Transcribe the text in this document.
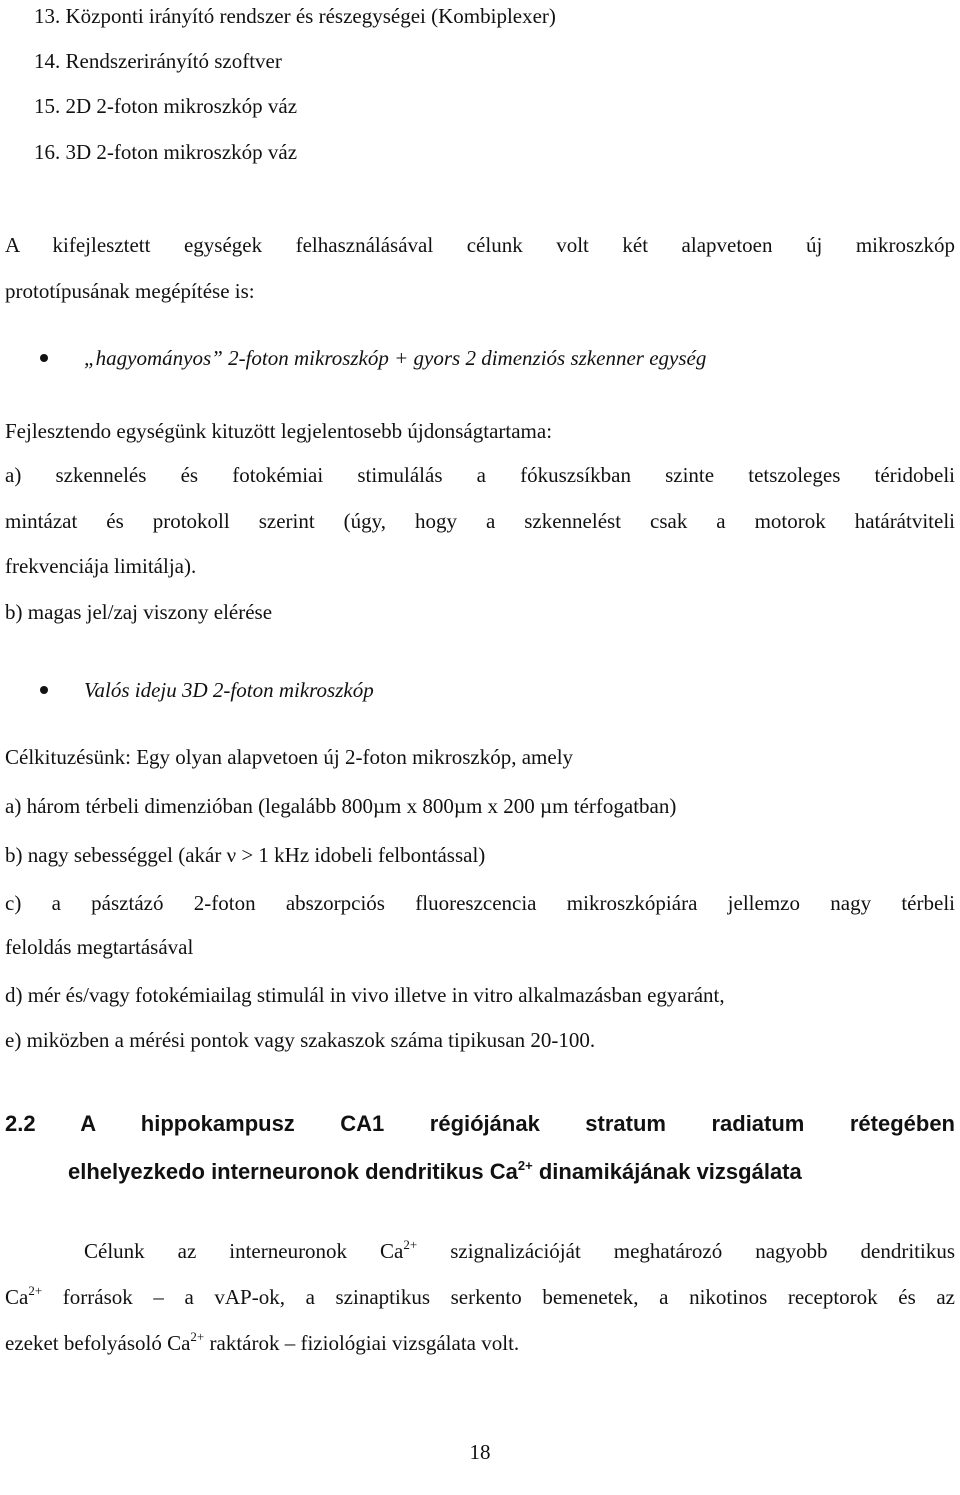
13. Központi irányító rendszer és részegységei (Kombiplexer)
14. Rendszerirányító szoftver
15. 2D 2-foton mikroszkóp váz
16. 3D 2-foton mikroszkóp váz
A kifejlesztett egységek felhasználásával célunk volt két alapvetoen új mikroszkóp
prototípusának megépítése is:
„hagyományos” 2-foton mikroszkóp + gyors 2 dimenziós szkenner egység
Fejlesztendo egységünk kituzött legjelentosebb újdonságtartama:
a) szkennelés és fotokémiai stimulálás a fókuszsíkban szinte tetszoleges téridobeli
mintázat és protokoll szerint (úgy, hogy a szkennelést csak a motorok határátviteli
frekvenciája limitálja).
b) magas jel/zaj viszony elérése
Valós ideju 3D 2-foton mikroszkóp
Célkituzésünk: Egy olyan alapvetoen új 2-foton mikroszkóp, amely
a) három térbeli dimenzióban (legalább 800µm x 800µm x 200 µm térfogatban)
b) nagy sebességgel (akár ν > 1 kHz idobeli felbontással)
c) a pásztázó 2-foton abszorpciós fluoreszcencia mikroszkópiára jellemzo nagy térbeli
feloldás megtartásával
d) mér és/vagy fotokémiailag stimulál in vivo illetve in vitro alkalmazásban egyaránt,
e) miközben a mérési pontok vagy szakaszok száma tipikusan 20-100.
2.2 A hippokampusz CA1 régiójának stratum radiatum rétegében
elhelyezkedo interneuronok dendritikus $Ca^{2+}$ dinamikájának vizsgálata
Célunk az interneuronok $Ca^{2+}$ szignalizációját meghatározó nagyobb dendritikus
$Ca^{2+}$ források – a vAP-ok, a szinaptikus serkento bemenetek, a nikotinos receptorok és az
ezeket befolyásoló $Ca^{2+}$ raktárok – fiziológiai vizsgálata volt.
18
